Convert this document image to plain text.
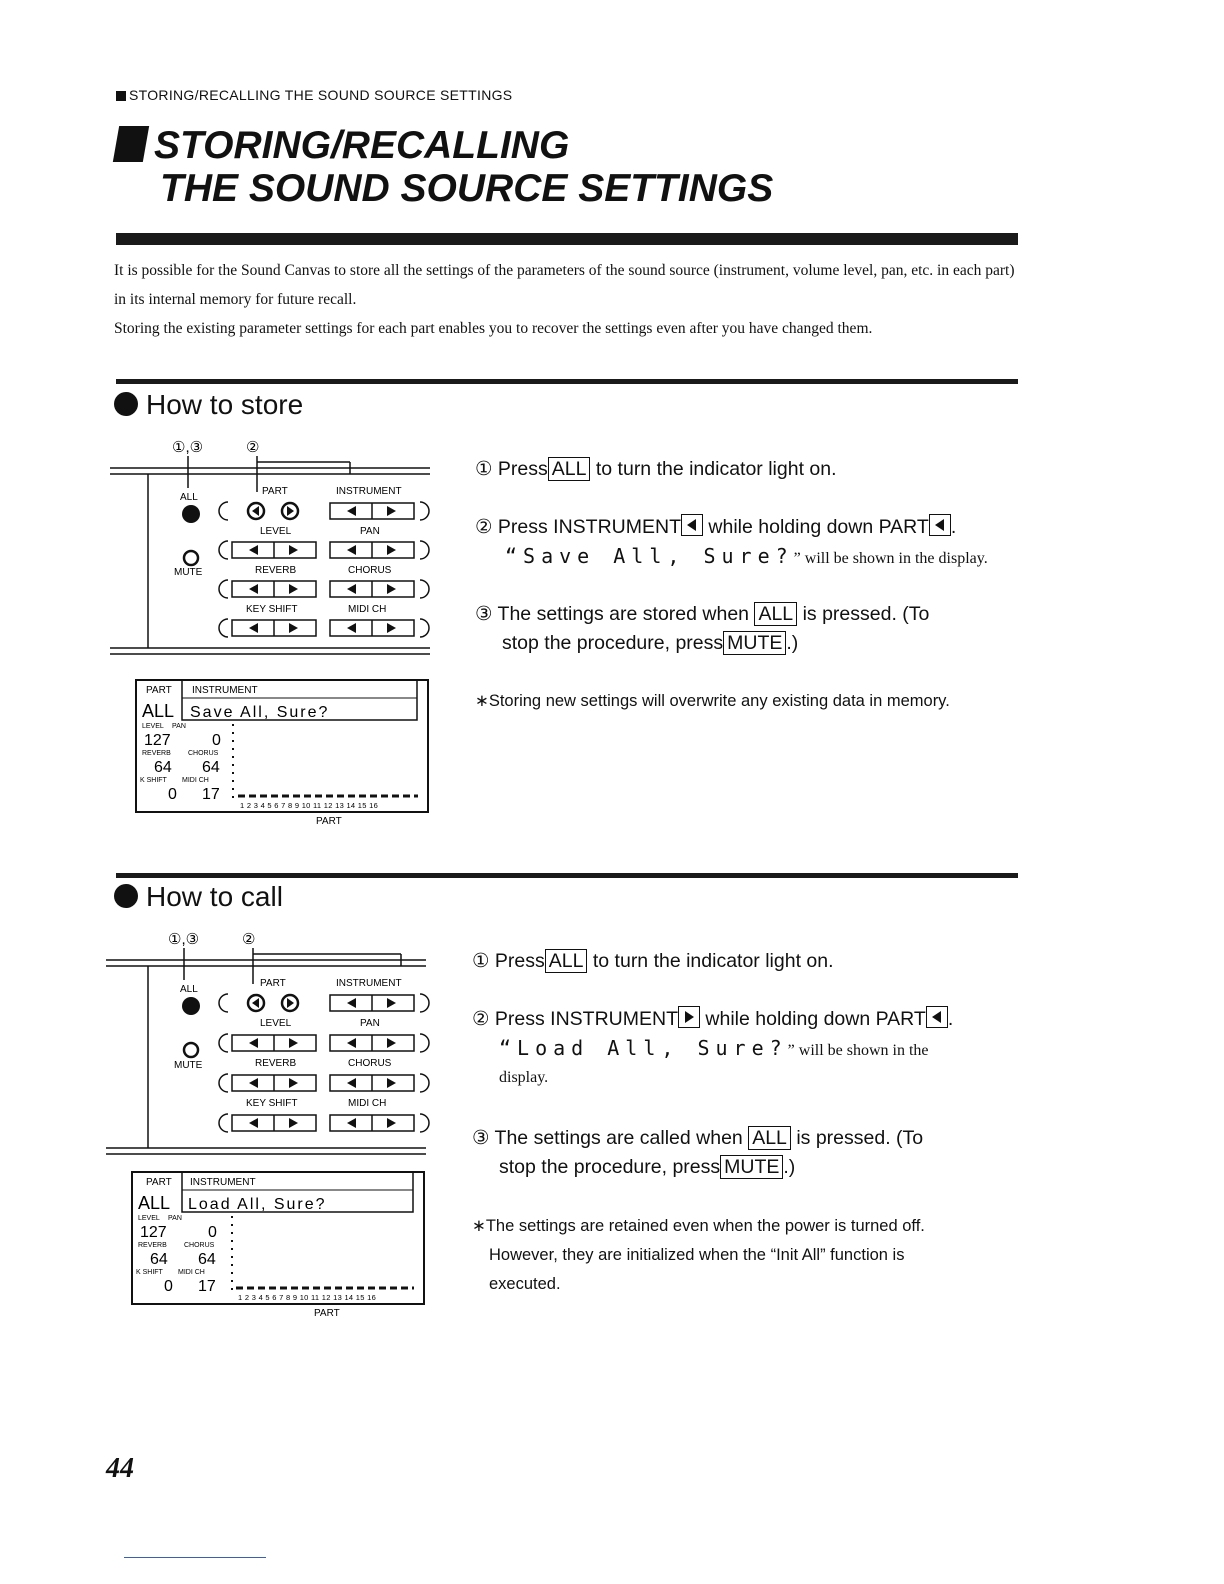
STORING/RECALLING THE SOUND SOURCE SETTINGS
STORING/RECALLING
THE SOUND SOURCE SETTINGS
It is possible for the Sound Canvas to store all the settings of the parameters of the sound source (instrument, volume level, pan, etc. in each part) in its internal memory for future recall.
Storing the existing parameter settings for each part enables you to recover the settings even after you have changed them.
How to store
①,③	②
ALL
PART	INSTRUMENT
MUTE
LEVEL	PAN
REVERB	CHORUS
KEY SHIFT	MIDI CH
PART INSTRUMENT
ALL Save All, Sure?
LEVEL PAN
127	0
REVERB CHORUS
64 64
K SHIFT MIDI CH
0 17
1 2 3 4 5 6 7 8 9 10 11 12 13 14 15 16
PART
① Press ALL to turn the indicator light on.
② Press INSTRUMENT while holding down PART .
“Save All, Sure?” will be shown in the display.
③ The settings are stored when ALL is pressed. (To
stop the procedure, press MUTE .)
∗Storing new settings will overwrite any existing data in memory.
How to call
①,③	②
ALL
PART	INSTRUMENT
MUTE
LEVEL	PAN
REVERB	CHORUS
KEY SHIFT	MIDI CH
PART INSTRUMENT
ALL Load All, Sure?
LEVEL PAN
127	0
REVERB CHORUS
64 64
K SHIFT MIDI CH
0 17
1 2 3 4 5 6 7 8 9 10 11 12 13 14 15 16
PART
① Press ALL to turn the indicator light on.
② Press INSTRUMENT while holding down PART .
“Load All, Sure?” will be shown in the
display.
③ The settings are called when ALL is pressed. (To
stop the procedure, press MUTE .)
∗The settings are retained even when the power is turned off.
However, they are initialized when the “Init All” function is
executed.
44
